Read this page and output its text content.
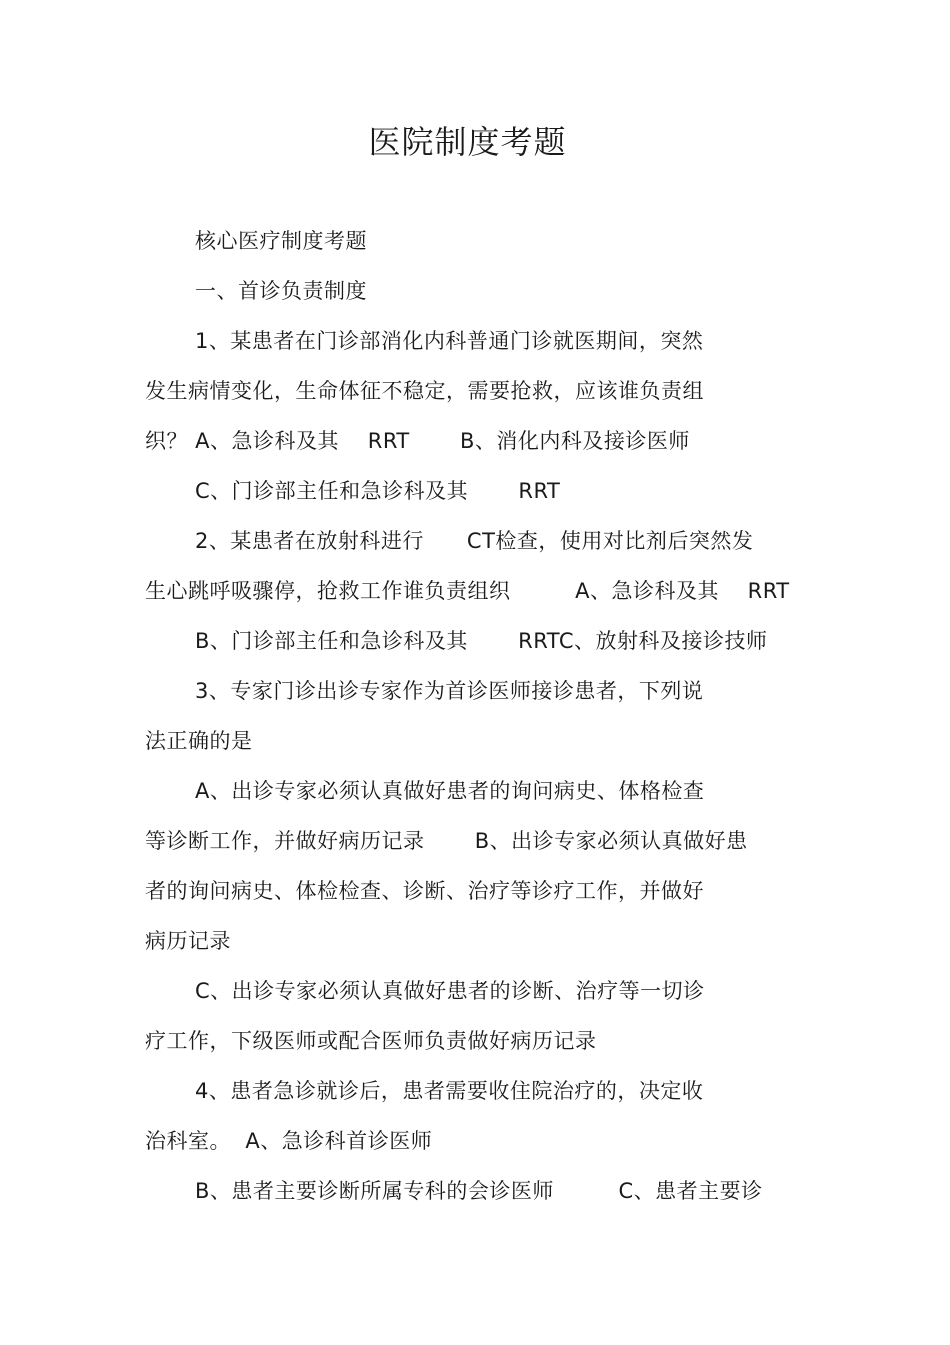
医院制度考题
核心医疗制度考题
一、首诊负责制度
1、某患者在门诊部消化内科普通门诊就医期间，突然
发生病情变化，生命体征不稳定，需要抢救，应该谁负责组
织？ A、急诊科及其    RRT       B、消化内科及接诊医师
C、门诊部主任和急诊科及其       RRT
2、某患者在放射科进行      CT检查，使用对比剂后突然发
生心跳呼吸骤停，抢救工作谁负责组织         A、急诊科及其    RRT
B、门诊部主任和急诊科及其       RRTC、放射科及接诊技师
3、专家门诊出诊专家作为首诊医师接诊患者，下列说
法正确的是
A、出诊专家必须认真做好患者的询问病史、体格检查
等诊断工作，并做好病历记录       B、出诊专家必须认真做好患
者的询问病史、体检检查、诊断、治疗等诊疗工作，并做好
病历记录
C、出诊专家必须认真做好患者的诊断、治疗等一切诊
疗工作，下级医师或配合医师负责做好病历记录
4、患者急诊就诊后，患者需要收住院治疗的，决定收
治科室。  A、急诊科首诊医师
B、患者主要诊断所属专科的会诊医师         C、患者主要诊
